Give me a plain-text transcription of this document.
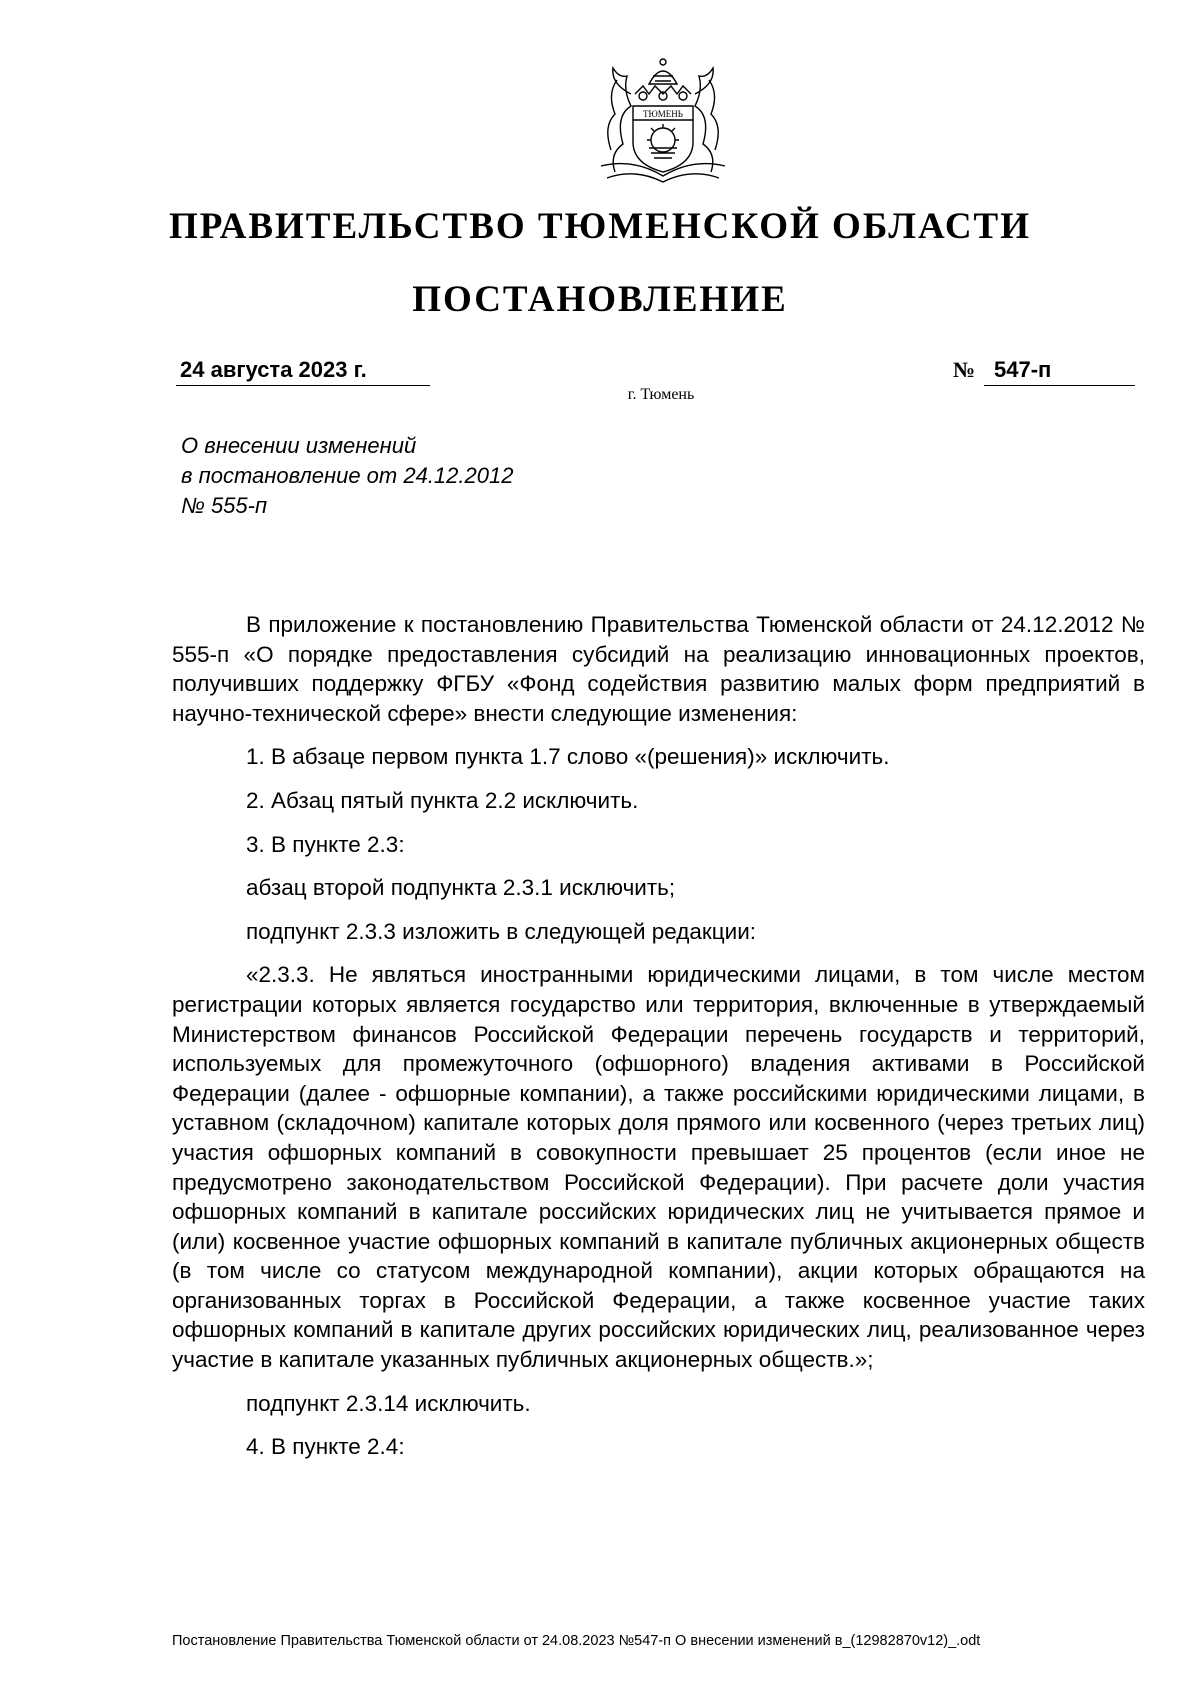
ТЮМЕНЬ
ПРАВИТЕЛЬСТВО ТЮМЕНСКОЙ ОБЛАСТИ
ПОСТАНОВЛЕНИЕ
24 августа 2023 г.	№ 547-п
г. Тюмень
О внесении изменений
в постановление от 24.12.2012
№ 555-п

В приложение к постановлению Правительства Тюменской области от 24.12.2012 № 555-п «О порядке предоставления субсидий на реализацию инновационных проектов, получивших поддержку ФГБУ «Фонд содействия развитию малых форм предприятий в научно-технической сфере» внести следующие изменения:

1. В абзаце первом пункта 1.7 слово «(решения)» исключить.

2. Абзац пятый пункта 2.2 исключить.

3. В пункте 2.3:

абзац второй подпункта 2.3.1 исключить;

подпункт 2.3.3 изложить в следующей редакции:

«2.3.3. Не являться иностранными юридическими лицами, в том числе местом регистрации которых является государство или территория, включенные в утверждаемый Министерством финансов Российской Федерации перечень государств и территорий, используемых для промежуточного (офшорного) владения активами в Российской Федерации (далее - офшорные компании), а также российскими юридическими лицами, в уставном (складочном) капитале которых доля прямого или косвенного (через третьих лиц) участия офшорных компаний в совокупности превышает 25 процентов (если иное не предусмотрено законодательством Российской Федерации). При расчете доли участия офшорных компаний в капитале российских юридических лиц не учитывается прямое и (или) косвенное участие офшорных компаний в капитале публичных акционерных обществ (в том числе со статусом международной компании), акции которых обращаются на организованных торгах в Российской Федерации, а также косвенное участие таких офшорных компаний в капитале других российских юридических лиц, реализованное через участие в капитале указанных публичных акционерных обществ.»;

подпункт 2.3.14 исключить.

4. В пункте 2.4:

Постановление Правительства Тюменской области от 24.08.2023 №547-п О внесении изменений в_(12982870v12)_.odt
